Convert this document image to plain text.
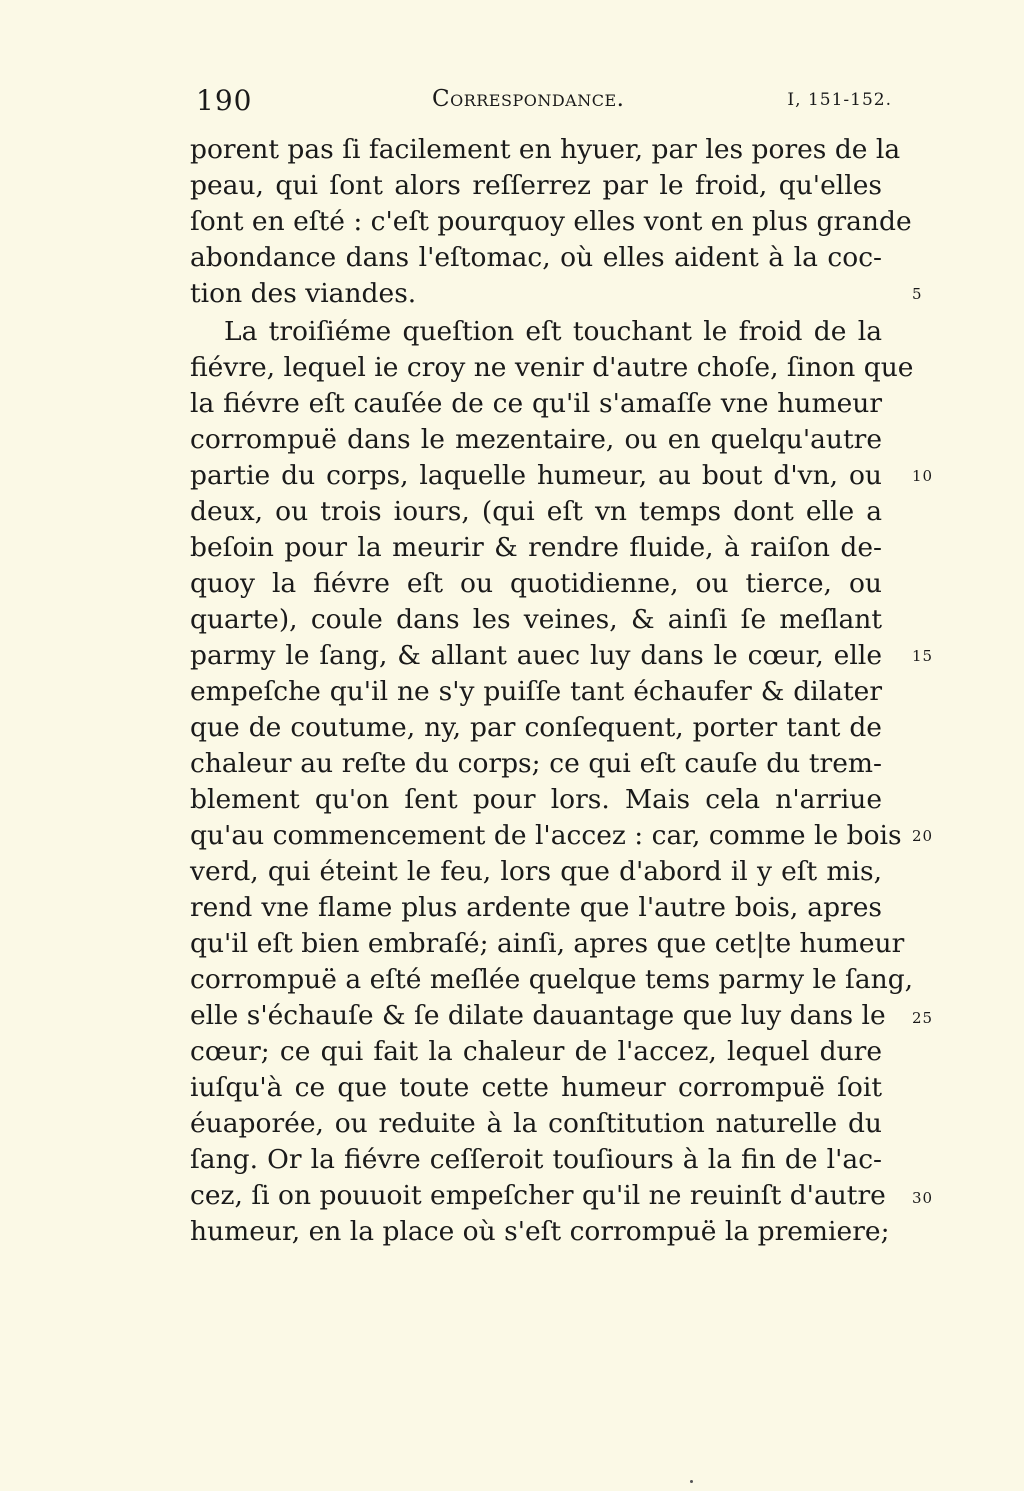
190	Correspondance.	I, 151-152.
porent pas ſi facilement en hyuer, par les pores de la
peau, qui ſont alors reſſerrez par le froid, qu'elles
ſont en eſté : c'eſt pourquoy elles vont en plus grande
abondance dans l'eſtomac, où elles aident à la coc-
tion des viandes.
La troiſiéme queſtion eſt touchant le froid de la
fiévre, lequel ie croy ne venir d'autre choſe, ſinon que
la fiévre eſt cauſée de ce qu'il s'amaſſe vne humeur
corrompuë dans le mezentaire, ou en quelqu'autre
partie du corps, laquelle humeur, au bout d'vn, ou
deux, ou trois iours, (qui eſt vn temps dont elle a
beſoin pour la meurir & rendre fluide, à raiſon de-
quoy la fiévre eſt ou quotidienne, ou tierce, ou
quarte), coule dans les veines, & ainſi ſe meſlant
parmy le ſang, & allant auec luy dans le cœur, elle
empeſche qu'il ne s'y puiſſe tant échaufer & dilater
que de coutume, ny, par conſequent, porter tant de
chaleur au reſte du corps; ce qui eſt cauſe du trem-
blement qu'on ſent pour lors. Mais cela n'arriue
qu'au commencement de l'accez : car, comme le bois
verd, qui éteint le feu, lors que d'abord il y eſt mis,
rend vne flame plus ardente que l'autre bois, apres
qu'il eſt bien embraſé; ainſi, apres que cet|te humeur
corrompuë a eſté meſlée quelque tems parmy le ſang,
elle s'échauſe & ſe dilate dauantage que luy dans le
cœur; ce qui fait la chaleur de l'accez, lequel dure
iuſqu'à ce que toute cette humeur corrompuë ſoit
éuaporée, ou reduite à la conſtitution naturelle du
ſang. Or la fiévre ceſſeroit touſiours à la fin de l'ac-
cez, ſi on pouuoit empeſcher qu'il ne reuinſt d'autre
humeur, en la place où s'eſt corrompuë la premiere;
5
10
15
20
25
30
